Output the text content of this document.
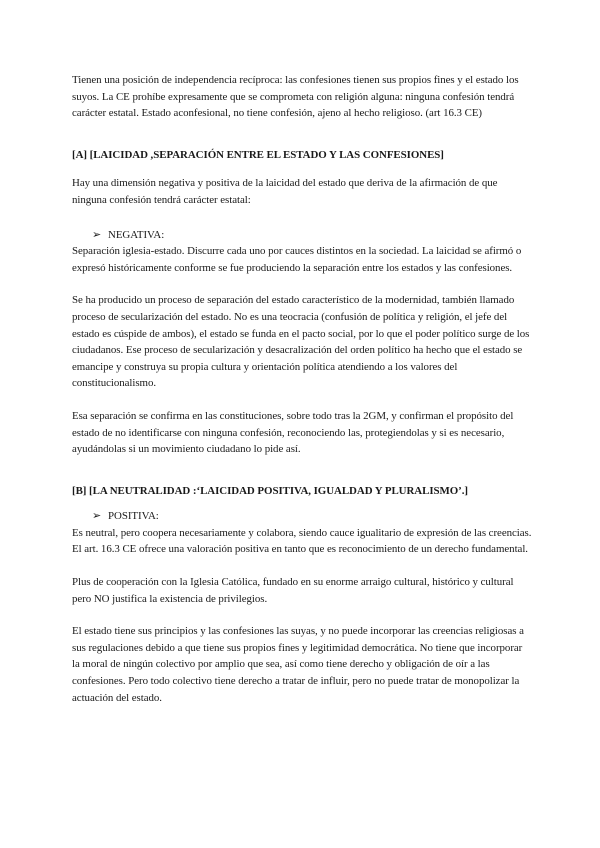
Tienen una posición de independencia recíproca: las confesiones tienen sus propios fines y el estado los suyos. La CE prohíbe expresamente que se comprometa con religión alguna: ninguna confesión tendrá carácter estatal. Estado aconfesional, no tiene confesión, ajeno al hecho religioso. (art 16.3 CE)

[A] [LAICIDAD ,SEPARACIÓN ENTRE EL ESTADO Y LAS CONFESIONES]

Hay una dimensión negativa y positiva de la laicidad del estado que deriva de la afirmación de que ninguna confesión tendrá carácter estatal:

➢ NEGATIVA:

Separación iglesia-estado. Discurre cada uno por cauces distintos en la sociedad. La laicidad se afirmó o expresó históricamente conforme se fue produciendo la separación entre los estados y las confesiones.

Se ha producido un proceso de separación del estado característico de la modernidad, también llamado proceso de secularización del estado. No es una teocracia (confusión de política y religión, el jefe del estado es cúspide de ambos), el estado se funda en el pacto social, por lo que el poder político surge de los ciudadanos. Ese proceso de secularización y desacralización del orden político ha hecho que el estado se emancipe y construya su propia cultura y orientación política atendiendo a los valores del constitucionalismo.

Esa separación se confirma en las constituciones, sobre todo tras la 2GM, y confirman el propósito del estado de no identificarse con ninguna confesión, reconociendo las, protegiendolas y si es necesario, ayudándolas si un movimiento ciudadano lo pide así.

[B] [LA NEUTRALIDAD :‘LAICIDAD POSITIVA, IGUALDAD Y PLURALISMO’.]

➢ POSITIVA:

Es neutral, pero coopera necesariamente y colabora, siendo cauce igualitario de expresión de las creencias. El art. 16.3 CE ofrece una valoración positiva en tanto que es reconocimiento de un derecho fundamental.

Plus de cooperación con la Iglesia Católica, fundado en su enorme arraigo cultural, histórico y cultural pero NO justifica la existencia de privilegios.

El estado tiene sus principios y las confesiones las suyas, y no puede incorporar las creencias religiosas a sus regulaciones debido a que tiene sus propios fines y legitimidad democrática. No tiene que incorporar la moral de ningún colectivo por amplio que sea, así como tiene derecho y obligación de oír a las confesiones. Pero todo colectivo tiene derecho a tratar de influir, pero no puede tratar de monopolizar la actuación del estado.
